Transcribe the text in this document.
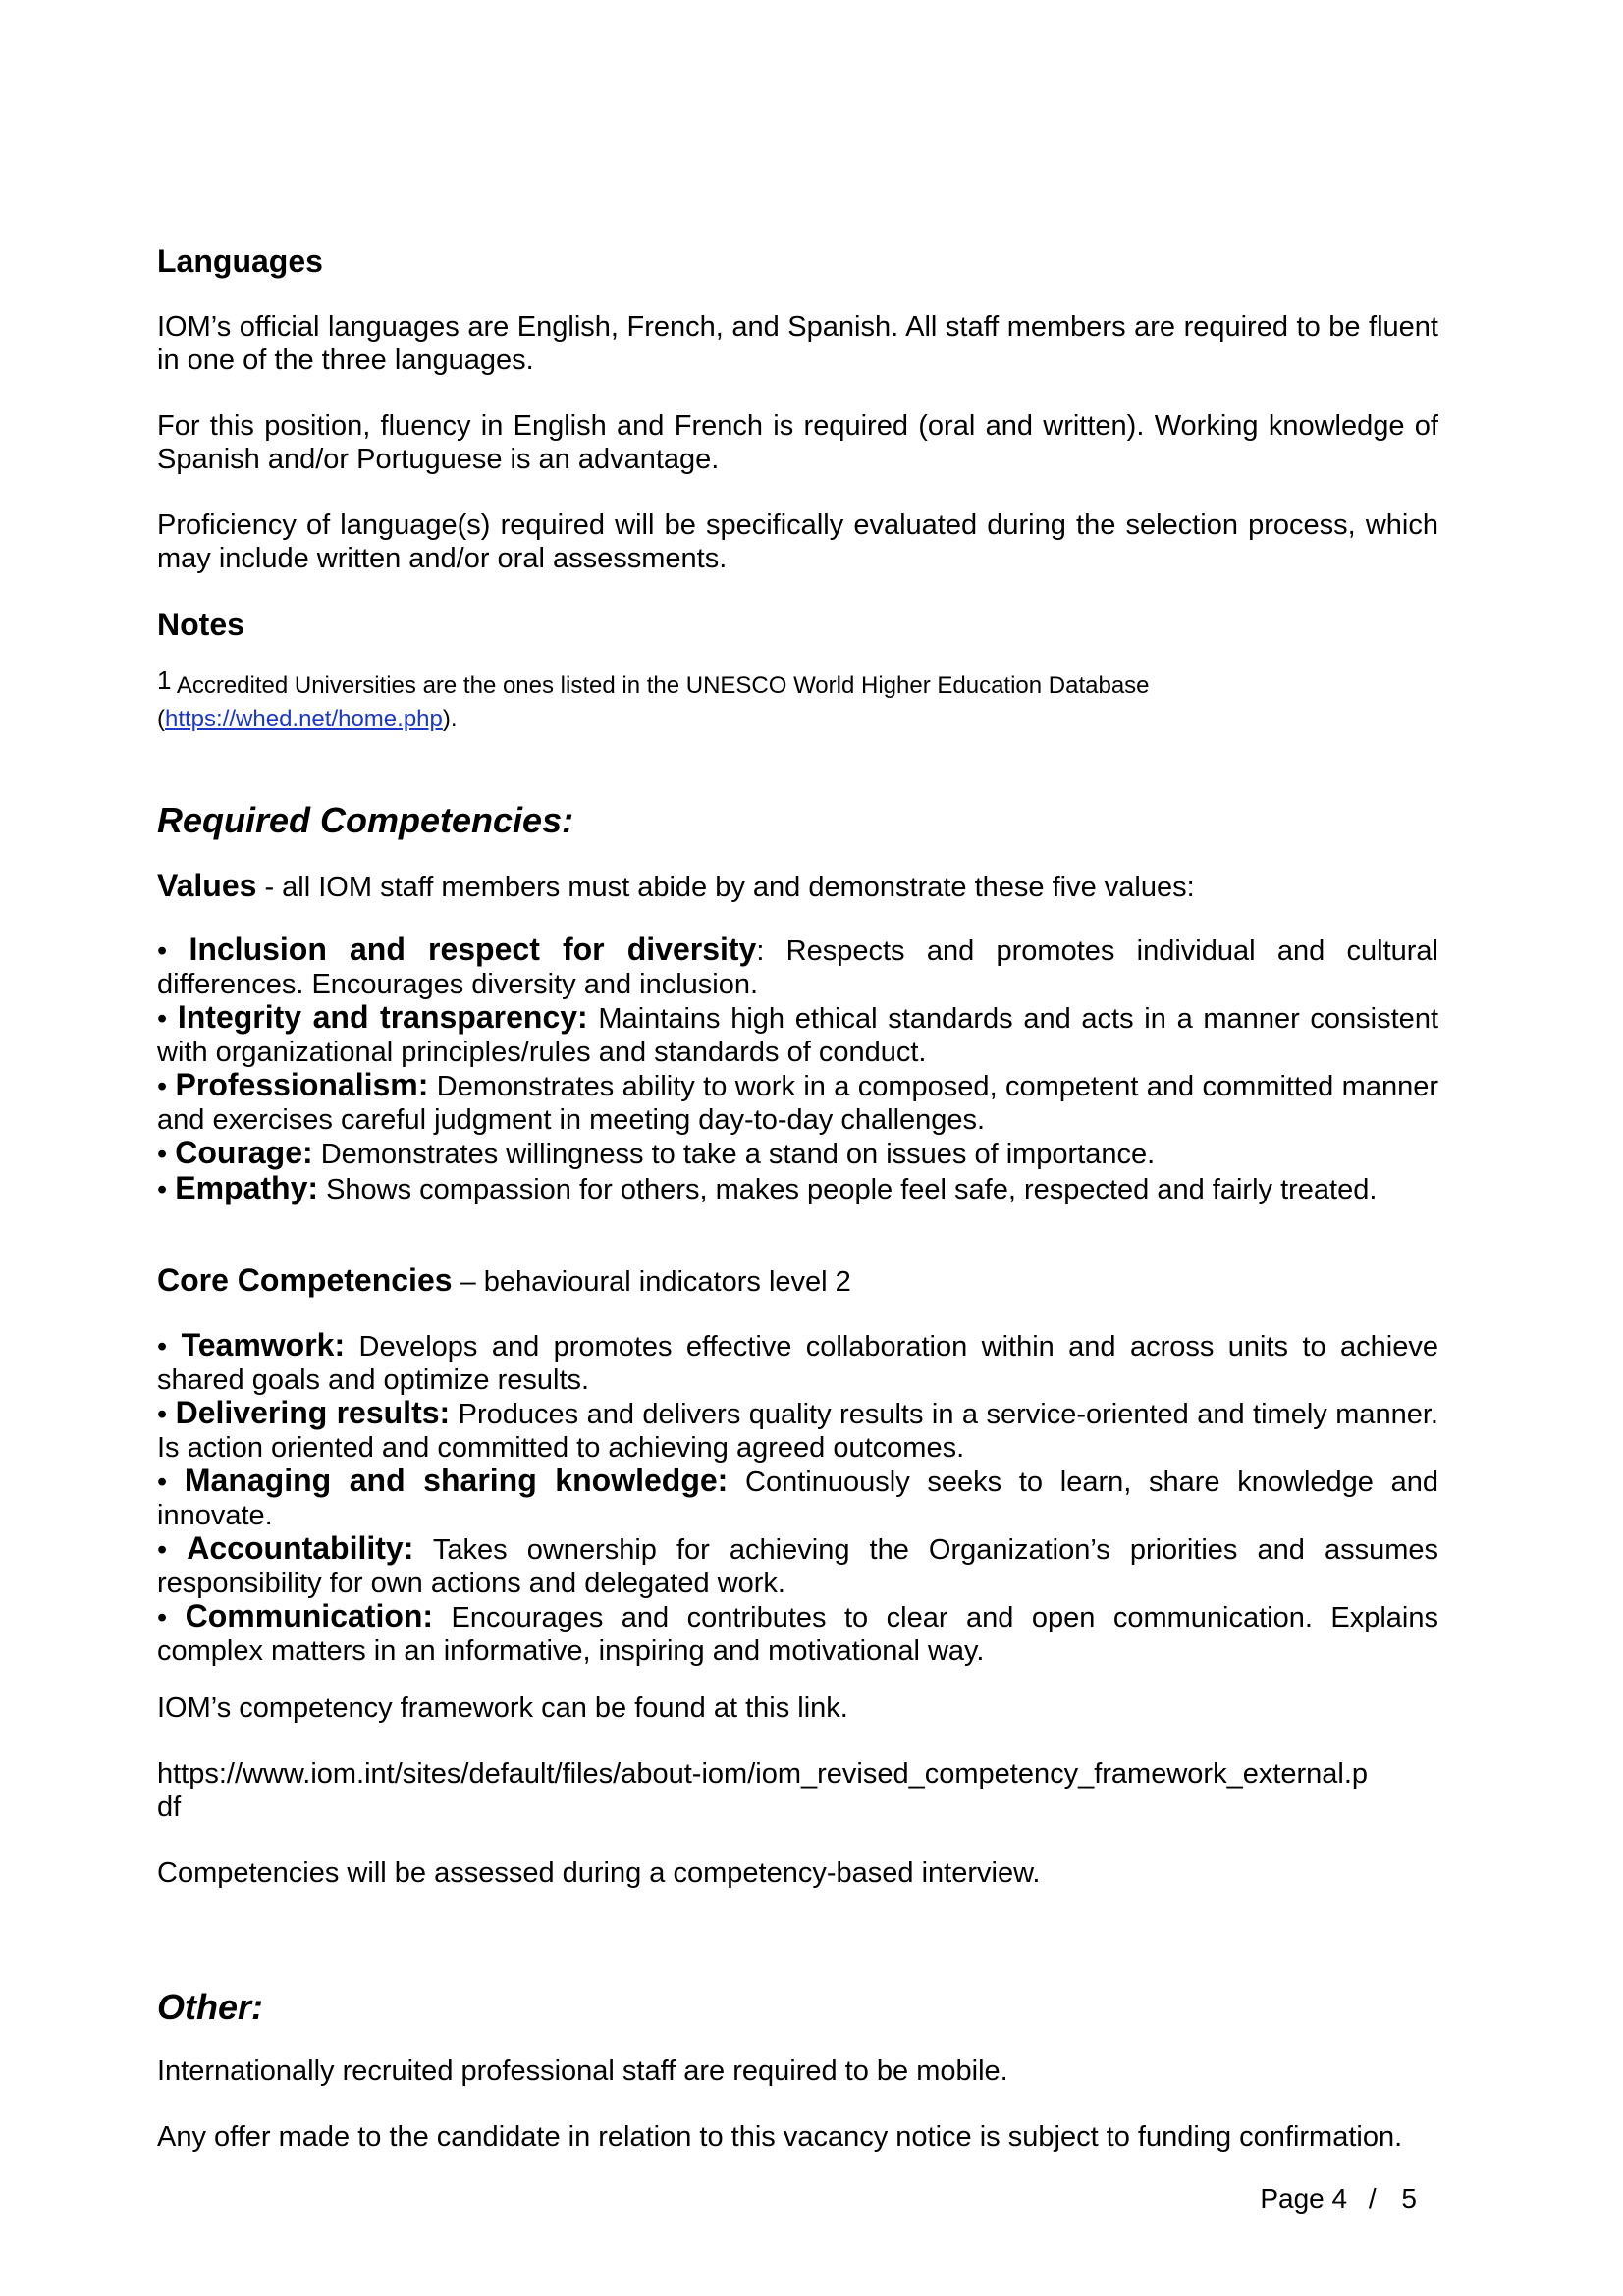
Languages

IOM’s official languages are English, French, and Spanish. All staff members are required to be fluent in one of the three languages.

For this position, fluency in English and French is required (oral and written). Working knowledge of Spanish and/or Portuguese is an advantage.

Proficiency of language(s) required will be specifically evaluated during the selection process, which may include written and/or oral assessments.

Notes
$^1$ Accredited Universities are the ones listed in the UNESCO World Higher Education Database
(https://whed.net/home.php).
Required Competencies:
Values - all IOM staff members must abide by and demonstrate these five values:

• Inclusion and respect for diversity: Respects and promotes individual and cultural differences. Encourages diversity and inclusion.

• Integrity and transparency: Maintains high ethical standards and acts in a manner consistent with organizational principles/rules and standards of conduct.

• Professionalism: Demonstrates ability to work in a composed, competent and committed manner and exercises careful judgment in meeting day-to-day challenges.

• Courage: Demonstrates willingness to take a stand on issues of importance.

• Empathy: Shows compassion for others, makes people feel safe, respected and fairly treated.

Core Competencies – behavioural indicators level 2

• Teamwork: Develops and promotes effective collaboration within and across units to achieve shared goals and optimize results.

• Delivering results: Produces and delivers quality results in a service-oriented and timely manner. Is action oriented and committed to achieving agreed outcomes.

• Managing and sharing knowledge: Continuously seeks to learn, share knowledge and innovate.

• Accountability: Takes ownership for achieving the Organization’s priorities and assumes responsibility for own actions and delegated work.

• Communication: Encourages and contributes to clear and open communication. Explains complex matters in an informative, inspiring and motivational way.

IOM’s competency framework can be found at this link.

https://www.iom.int/sites/default/files/about-iom/iom_revised_competency_framework_external.p

df

Competencies will be assessed during a competency-based interview.

Other:

Internationally recruited professional staff are required to be mobile.

Any offer made to the candidate in relation to this vacancy notice is subject to funding confirmation.

Page 4 / 5
